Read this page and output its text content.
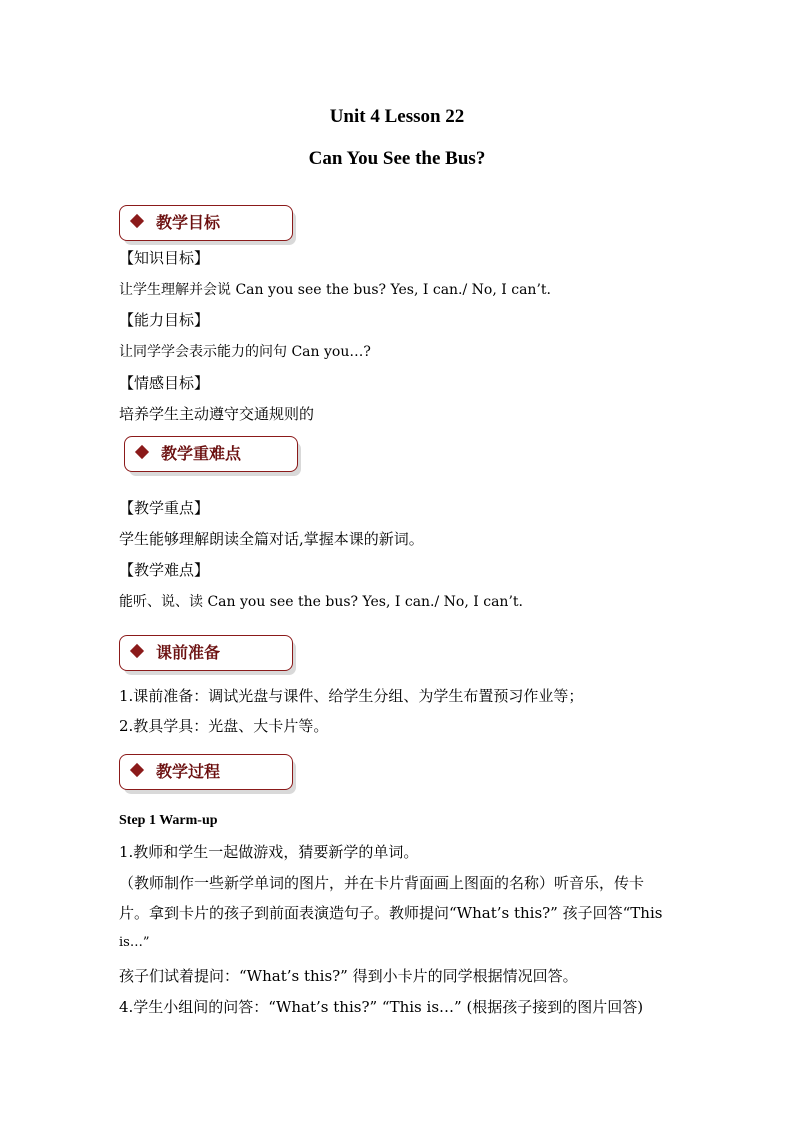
Unit 4 Lesson 22
Can You See the Bus?
教学目标
【知识目标】
让学生理解并会说 Can you see the bus? Yes, I can./ No, I can’t.
【能力目标】
让同学学会表示能力的问句 Can you…?
【情感目标】
培养学生主动遵守交通规则的
教学重难点
【教学重点】
学生能够理解朗读全篇对话,掌握本课的新词。
【教学难点】
能听、说、读 Can you see the bus? Yes, I can./ No, I can’t.
课前准备
1.课前准备：调试光盘与课件、给学生分组、为学生布置预习作业等；
2.教具学具：光盘、大卡片等。
教学过程
Step 1 Warm-up
1.教师和学生一起做游戏，猜要新学的单词。
（教师制作一些新学单词的图片，并在卡片背面画上图面的名称）听音乐，传卡
片。拿到卡片的孩子到前面表演造句子。教师提问“What’s this?” 孩子回答“This
is…”
孩子们试着提问：“What’s this?” 得到小卡片的同学根据情况回答。
4.学生小组间的问答：“What’s this?” “This is…” (根据孩子接到的图片回答)
